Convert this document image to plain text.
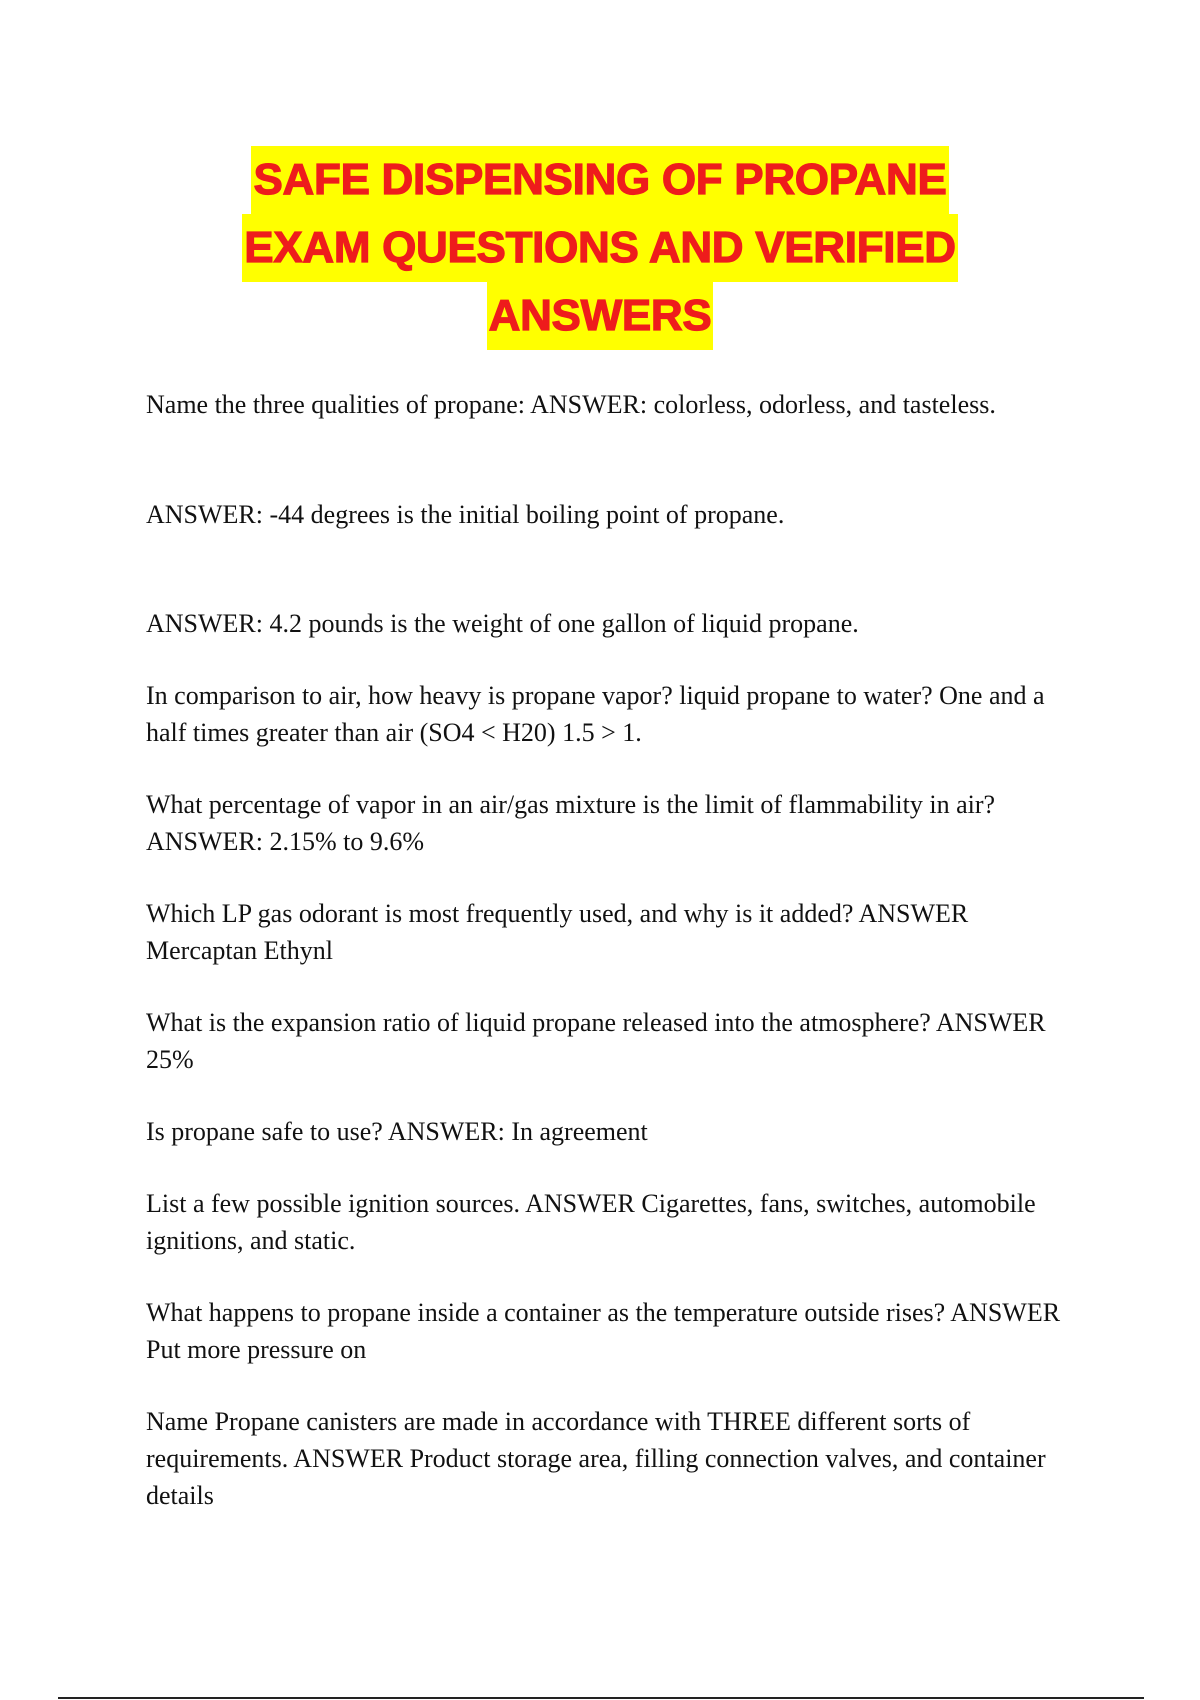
SAFE DISPENSING OF PROPANE
EXAM QUESTIONS AND VERIFIED
ANSWERS

Name the three qualities of propane: ANSWER: colorless, odorless, and tasteless.

ANSWER: -44 degrees is the initial boiling point of propane.

ANSWER: 4.2 pounds is the weight of one gallon of liquid propane.

In comparison to air, how heavy is propane vapor? liquid propane to water? One and a half times greater than air (SO4 < H20) 1.5 > 1.

What percentage of vapor in an air/gas mixture is the limit of flammability in air? ANSWER: 2.15% to 9.6%

Which LP gas odorant is most frequently used, and why is it added? ANSWER Mercaptan Ethynl

What is the expansion ratio of liquid propane released into the atmosphere? ANSWER 25%

Is propane safe to use? ANSWER: In agreement

List a few possible ignition sources. ANSWER Cigarettes, fans, switches, automobile ignitions, and static.

What happens to propane inside a container as the temperature outside rises? ANSWER Put more pressure on

Name Propane canisters are made in accordance with THREE different sorts of requirements. ANSWER Product storage area, filling connection valves, and container details
